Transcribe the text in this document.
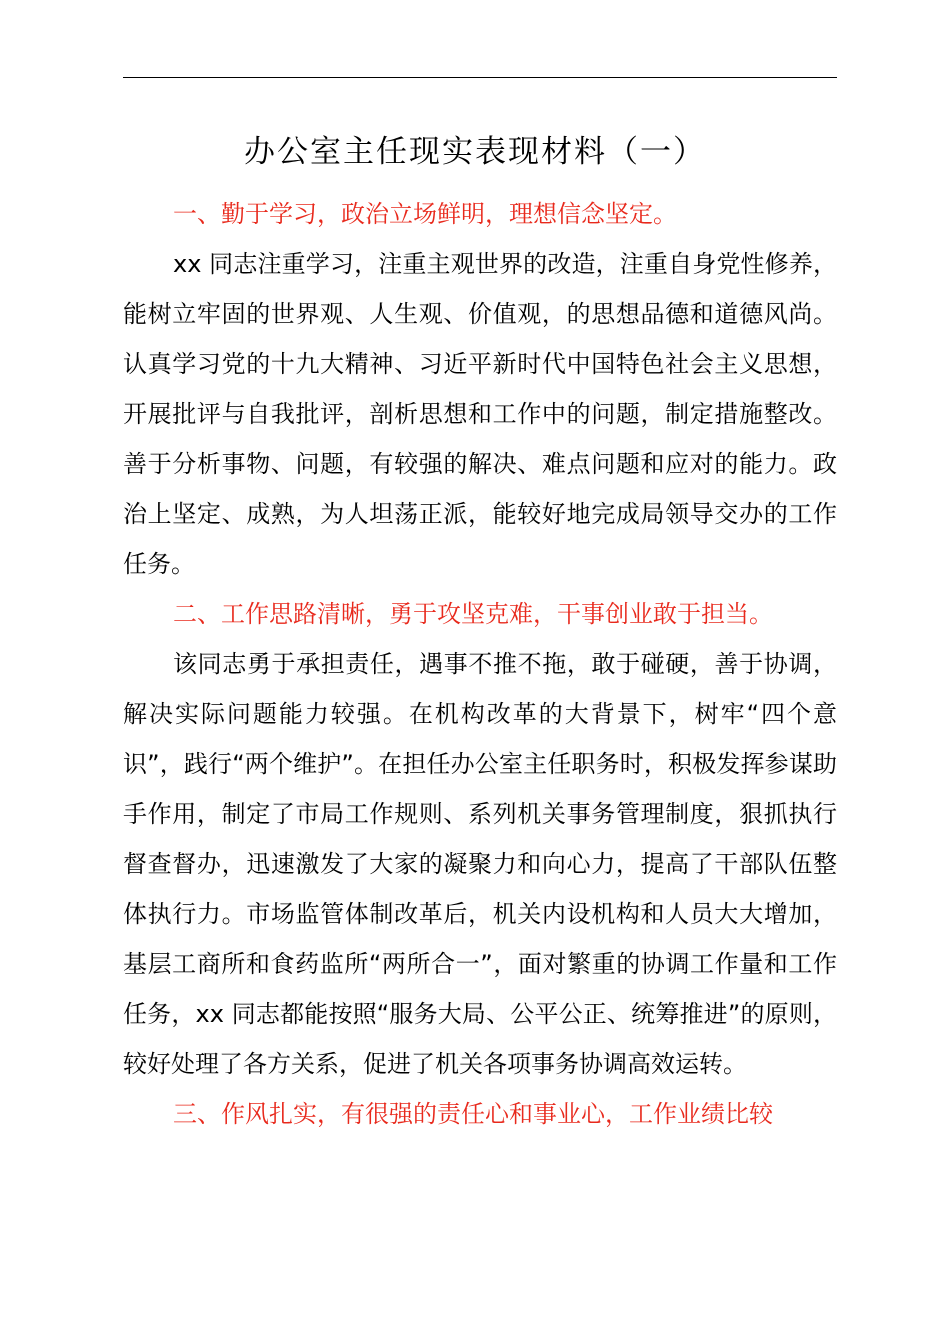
办公室主任现实表现材料（一）

一、勤于学习，政治立场鲜明，理想信念坚定。

xx 同志注重学习，注重主观世界的改造，注重自身党性修养，能树立牢固的世界观、人生观、价值观，的思想品德和道德风尚。认真学习党的十九大精神、习近平新时代中国特色社会主义思想，开展批评与自我批评，剖析思想和工作中的问题，制定措施整改。善于分析事物、问题，有较强的解决、难点问题和应对的能力。政治上坚定、成熟，为人坦荡正派，能较好地完成局领导交办的工作任务。

二、工作思路清晰，勇于攻坚克难，干事创业敢于担当。

该同志勇于承担责任，遇事不推不拖，敢于碰硬，善于协调，解决实际问题能力较强。在机构改革的大背景下，树牢“四个意识”，践行“两个维护”。在担任办公室主任职务时，积极发挥参谋助手作用，制定了市局工作规则、系列机关事务管理制度，狠抓执行督查督办，迅速激发了大家的凝聚力和向心力，提高了干部队伍整体执行力。市场监管体制改革后，机关内设机构和人员大大增加，基层工商所和食药监所“两所合一”，面对繁重的协调工作量和工作任务，xx 同志都能按照“服务大局、公平公正、统筹推进”的原则，较好处理了各方关系，促进了机关各项事务协调高效运转。

三、作风扎实，有很强的责任心和事业心，工作业绩比较
